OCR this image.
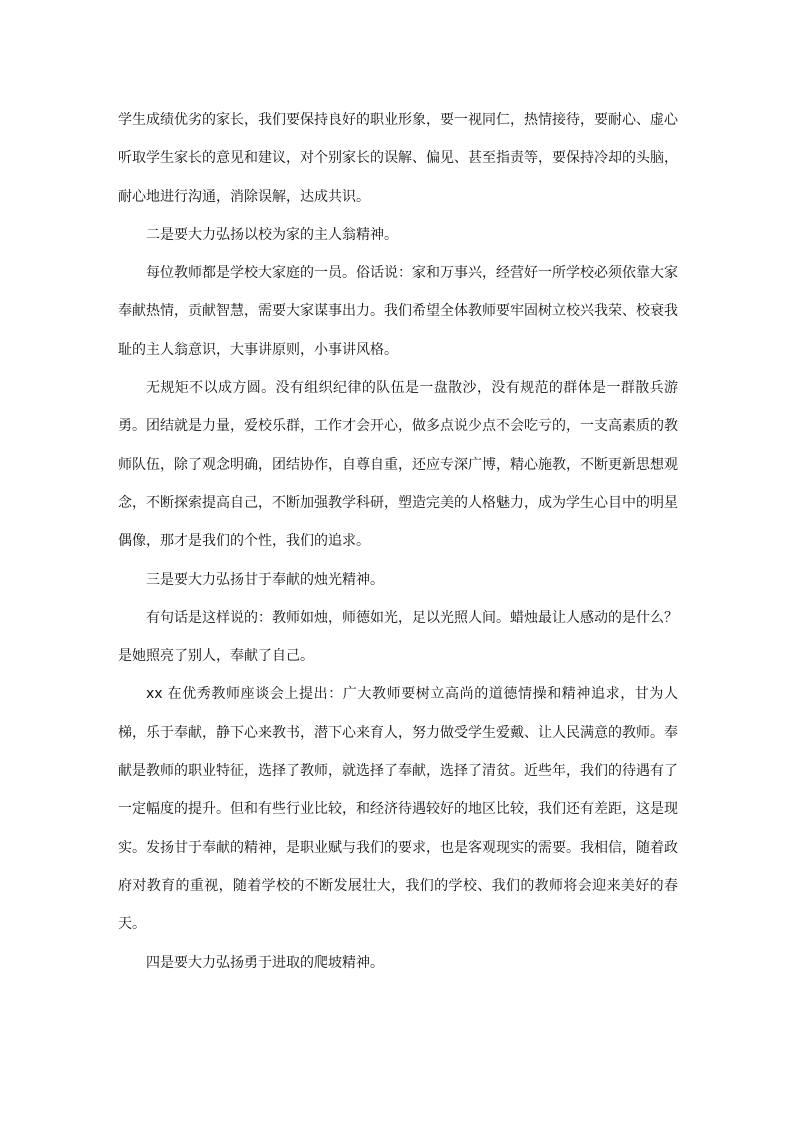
学生成绩优劣的家长，我们要保持良好的职业形象，要一视同仁，热情接待，要耐心、虚心听取学生家长的意见和建议，对个别家长的误解、偏见、甚至指责等，要保持冷却的头脑，耐心地进行沟通，消除误解，达成共识。

二是要大力弘扬以校为家的主人翁精神。

每位教师都是学校大家庭的一员。俗话说：家和万事兴，经营好一所学校必须依靠大家奉献热情，贡献智慧，需要大家谋事出力。我们希望全体教师要牢固树立校兴我荣、校衰我耻的主人翁意识，大事讲原则，小事讲风格。

无规矩不以成方圆。没有组织纪律的队伍是一盘散沙，没有规范的群体是一群散兵游勇。团结就是力量，爱校乐群，工作才会开心，做多点说少点不会吃亏的，一支高素质的教师队伍，除了观念明确，团结协作，自尊自重，还应专深广博，精心施教，不断更新思想观念，不断探索提高自己，不断加强教学科研，塑造完美的人格魅力，成为学生心目中的明星偶像，那才是我们的个性，我们的追求。

三是要大力弘扬甘于奉献的烛光精神。

有句话是这样说的：教师如烛，师德如光，足以光照人间。蜡烛最让人感动的是什么？是她照亮了别人，奉献了自己。

xx 在优秀教师座谈会上提出：广大教师要树立高尚的道德情操和精神追求，甘为人梯，乐于奉献，静下心来教书，潜下心来育人，努力做受学生爱戴、让人民满意的教师。奉献是教师的职业特征，选择了教师，就选择了奉献，选择了清贫。近些年，我们的待遇有了一定幅度的提升。但和有些行业比较，和经济待遇较好的地区比较，我们还有差距，这是现实。发扬甘于奉献的精神，是职业赋与我们的要求，也是客观现实的需要。我相信，随着政府对教育的重视，随着学校的不断发展壮大，我们的学校、我们的教师将会迎来美好的春天。

四是要大力弘扬勇于进取的爬坡精神。
